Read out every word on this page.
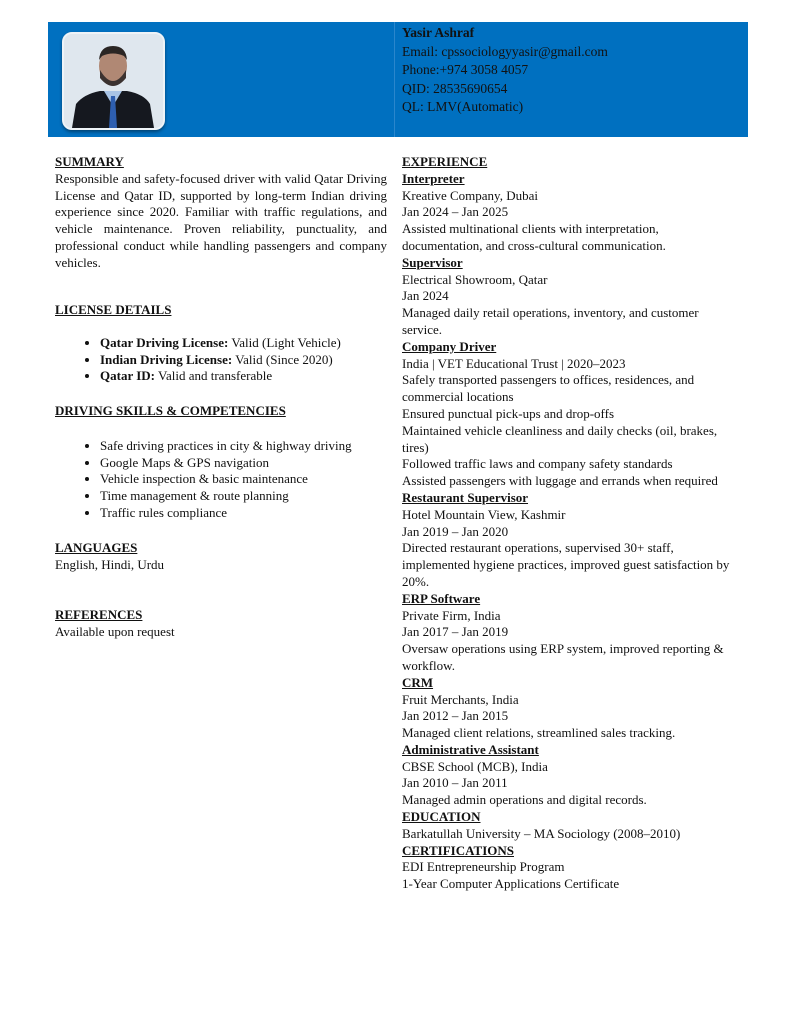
Yasir Ashraf
Email: cpssociologyyasir@gmail.com
Phone:+974 3058 4057
QID: 28535690654
QL: LMV(Automatic)
SUMMARY
Responsible and safety-focused driver with valid Qatar Driving License and Qatar ID, supported by long-term Indian driving experience since 2020. Familiar with traffic regulations, and vehicle maintenance. Proven reliability, punctuality, and professional conduct while handling passengers and company vehicles.
LICENSE DETAILS
• Qatar Driving License: Valid (Light Vehicle)
• Indian Driving License: Valid (Since 2020)
• Qatar ID: Valid and transferable
DRIVING SKILLS & COMPETENCIES
• Safe driving practices in city & highway driving
• Google Maps & GPS navigation
• Vehicle inspection & basic maintenance
• Time management & route planning
• Traffic rules compliance
LANGUAGES
English, Hindi, Urdu
REFERENCES
Available upon request
EXPERIENCE
Interpreter
Kreative Company, Dubai
Jan 2024 – Jan 2025
Assisted multinational clients with interpretation, documentation, and cross-cultural communication.
Supervisor
Electrical Showroom, Qatar
Jan 2024
Managed daily retail operations, inventory, and customer service.
Company Driver
India | VET Educational Trust | 2020–2023
Safely transported passengers to offices, residences, and commercial locations
Ensured punctual pick-ups and drop-offs
Maintained vehicle cleanliness and daily checks (oil, brakes, tires)
Followed traffic laws and company safety standards
Assisted passengers with luggage and errands when required
Restaurant Supervisor
Hotel Mountain View, Kashmir
Jan 2019 – Jan 2020
Directed restaurant operations, supervised 30+ staff, implemented hygiene practices, improved guest satisfaction by 20%.
ERP Software
Private Firm, India
Jan 2017 – Jan 2019
Oversaw operations using ERP system, improved reporting & workflow.
CRM
Fruit Merchants, India
Jan 2012 – Jan 2015
Managed client relations, streamlined sales tracking.
Administrative Assistant
CBSE School (MCB), India
Jan 2010 – Jan 2011
Managed admin operations and digital records.
EDUCATION
Barkatullah University – MA Sociology (2008–2010)
CERTIFICATIONS
EDI Entrepreneurship Program
1-Year Computer Applications Certificate
